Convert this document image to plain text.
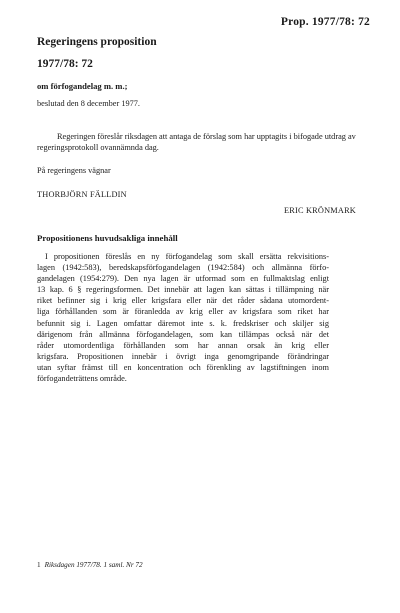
Prop. 1977/78: 72
Regeringens proposition
1977/78: 72
om förfogandelag m. m.;
beslutad den 8 december 1977.
Regeringen föreslår riksdagen att antaga de förslag som har upptagits i bifogade utdrag av regeringsprotokoll ovannämnda dag.
På regeringens vägnar
THORBJÖRN FÄLLDIN
ERIC KRÖNMARK
Propositionens huvudsakliga innehåll
I propositionen föreslås en ny förfogandelag som skall ersätta rekvisitions-
lagen (1942:583), beredskapsförfogandelagen (1942:584) och allmänna förfo-
gandelagen (1954:279). Den nya lagen är utformad som en fullmaktslag enligt
13 kap. 6 § regeringsformen. Det innebär att lagen kan sättas i tillämpning när
riket befinner sig i krig eller krigsfara eller när det råder sådana utomordent-
liga förhållanden som är föranledda av krig eller av krigsfara som riket har
befunnit sig i. Lagen omfattar däremot inte s. k. fredskriser och skiljer sig
därigenom från allmänna förfogandelagen, som kan tillämpas också när det
råder utomordentliga förhållanden som har annan orsak än krig eller
krigsfara. Propositionen innebär i övrigt inga genomgripande förändringar
utan syftar främst till en koncentration och förenkling av lagstiftningen inom
förfogandeträttens område.
1 Riksdagen 1977/78. 1 saml. Nr 72
